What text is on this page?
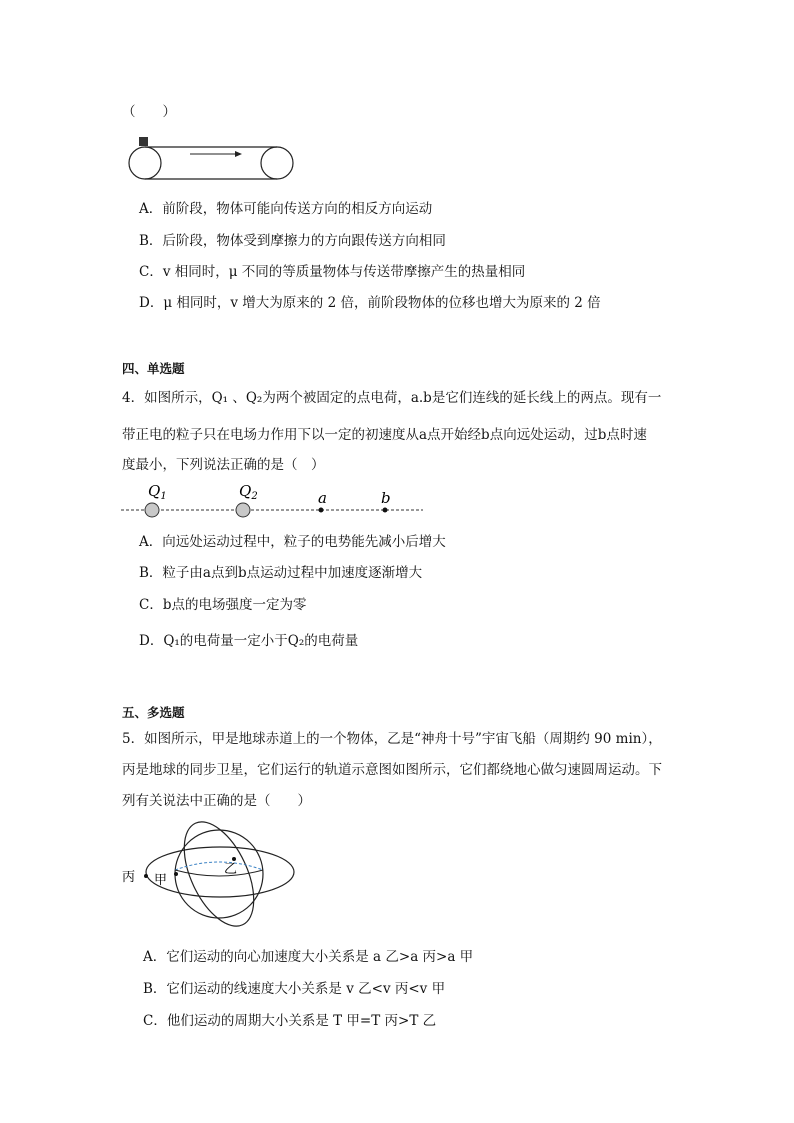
（　　）
A．前阶段，物体可能向传送方向的相反方向运动
B．后阶段，物体受到摩擦力的方向跟传送方向相同
C．v 相同时，μ 不同的等质量物体与传送带摩擦产生的热量相同
D．μ 相同时，v 增大为原来的 2 倍，前阶段物体的位移也增大为原来的 2 倍
四、单选题
4．如图所示，Q₁ 、Q₂为两个被固定的点电荷，a.b是它们连线的延长线上的两点。现有一
带正电的粒子只在电场力作用下以一定的初速度从a点开始经b点向远处运动，过b点时速
度最小，下列说法正确的是（　）
$Q_1$	$Q_2$	a	b
A．向远处运动过程中，粒子的电势能先减小后增大
B．粒子由a点到b点运动过程中加速度逐渐增大
C．b点的电场强度一定为零
D．Q₁的电荷量一定小于Q₂的电荷量
五、多选题
5．如图所示，甲是地球赤道上的一个物体，乙是“神舟十号”宇宙飞船（周期约 90 min），
丙是地球的同步卫星，它们运行的轨道示意图如图所示，它们都绕地心做匀速圆周运动。下
列有关说法中正确的是（　　）
丙 甲
乙
A．它们运动的向心加速度大小关系是 a 乙>a 丙>a 甲
B．它们运动的线速度大小关系是 v 乙<v 丙<v 甲
C．他们运动的周期大小关系是 T 甲=T 丙>T 乙
